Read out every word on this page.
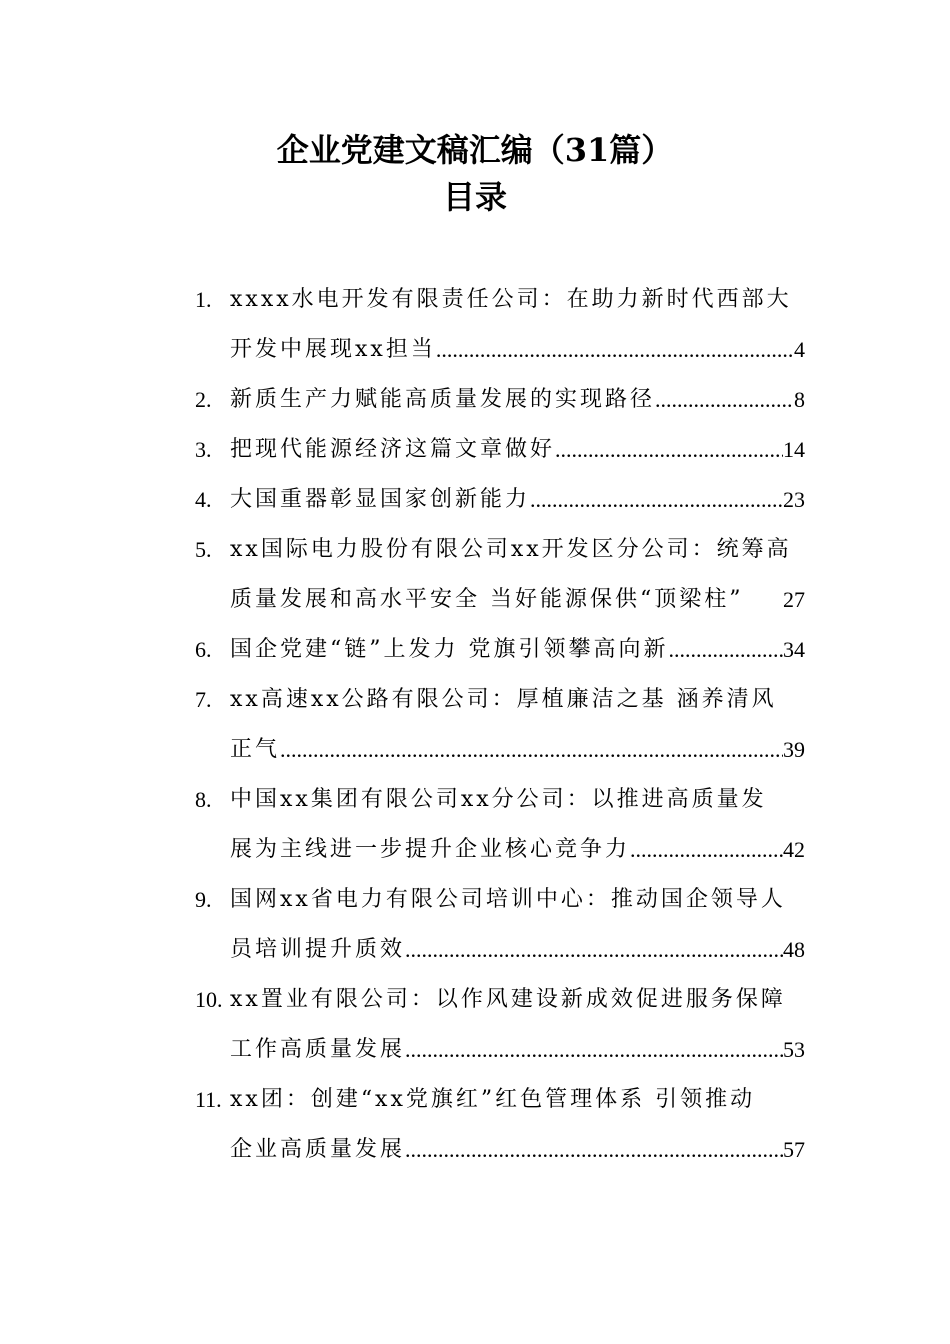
企业党建文稿汇编（31篇）
目录
1. xxxx水电开发有限责任公司：在助力新时代西部大
开发中展现xx担当 .....	4
2. 新质生产力赋能高质量发展的实现路径 .....	8
3. 把现代能源经济这篇文章做好 .....	14
4. 大国重器彰显国家创新能力 .....	23
5. xx国际电力股份有限公司xx开发区分公司：统筹高
质量发展和高水平安全 当好能源保供“顶梁柱”	27
6. 国企党建“链”上发力 党旗引领攀高向新 .....	34
7. xx高速xx公路有限公司：厚植廉洁之基 涵养清风
正气 .....	39
8. 中国xx集团有限公司xx分公司：以推进高质量发
展为主线进一步提升企业核心竞争力 .....	42
9. 国网xx省电力有限公司培训中心：推动国企领导人
员培训提升质效 .....	48
10. xx置业有限公司：以作风建设新成效促进服务保障
工作高质量发展 .....	53
11. xx团：创建“xx党旗红”红色管理体系 引领推动
企业高质量发展 .....	57
